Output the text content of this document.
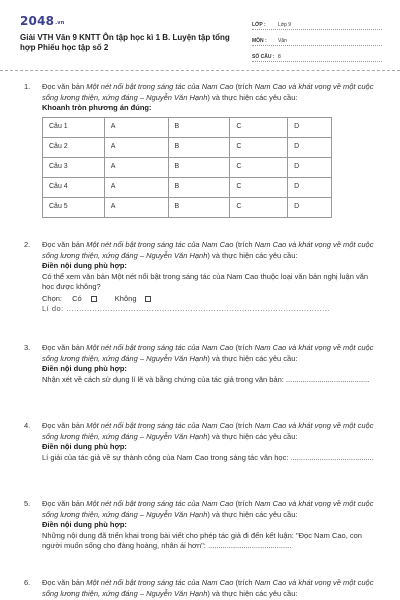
$2048^{.vn}$
Giải VTH Văn 9 KNTT Ôn tập học kì 1 B. Luyện tập tổng hợp Phiếu học tập số 2
LỚP :	Lớp 9
MÔN :	Văn
SỐ CÂU : 8
1.	Đọc văn bản Một nét nổi bật trong sáng tác của Nam Cao (trích Nam Cao và khát vọng về một cuộc sống lương thiện, xứng đáng – Nguyễn Văn Hạnh) và thực hiện các yêu cầu:
Khoanh tròn phương án đúng:
Câu 1	A	B	C	D
Câu 2	A	B	C	D
Câu 3	A	B	C	D
Câu 4	A	B	C	D
Câu 5	A	B	C	D
2.	Đọc văn bản Một nét nổi bật trong sáng tác của Nam Cao (trích Nam Cao và khát vọng về một cuộc sống lương thiện, xứng đáng – Nguyễn Văn Hạnh) và thực hiện các yêu cầu:
Điền nội dung phù hợp:
Có thể xem văn bản Một nét nổi bật trong sáng tác của Nam Cao thuộc loại văn bản nghị luận văn học được không?
Chọn: Có	Không
Lí do: ......................................................................................................
3.	Đọc văn bản Một nét nổi bật trong sáng tác của Nam Cao (trích Nam Cao và khát vọng về một cuộc sống lương thiện, xứng đáng – Nguyễn Văn Hạnh) và thực hiện các yêu cầu:
Điền nội dung phù hợp:
Nhận xét về cách sử dụng lí lẽ và bằng chứng của tác giả trong văn bản: ........................................
4.	Đọc văn bản Một nét nổi bật trong sáng tác của Nam Cao (trích Nam Cao và khát vọng về một cuộc sống lương thiện, xứng đáng – Nguyễn Văn Hạnh) và thực hiện các yêu cầu:
Điền nội dung phù hợp:
Lí giải của tác giả về sự thành công của Nam Cao trong sáng tác văn học: ........................................
5.	Đọc văn bản Một nét nổi bật trong sáng tác của Nam Cao (trích Nam Cao và khát vọng về một cuộc sống lương thiện, xứng đáng – Nguyễn Văn Hạnh) và thực hiện các yêu cầu:
Điền nội dung phù hợp:
Những nội dung đã triển khai trong bài viết cho phép tác giả đi đến kết luận: "Đọc Nam Cao, con người muốn sống cho đàng hoàng, nhân ái hơn": ........................................
6.	Đọc văn bản Một nét nổi bật trong sáng tác của Nam Cao (trích Nam Cao và khát vọng về một cuộc sống lương thiện, xứng đáng – Nguyễn Văn Hạnh) và thực hiện các yêu cầu:
